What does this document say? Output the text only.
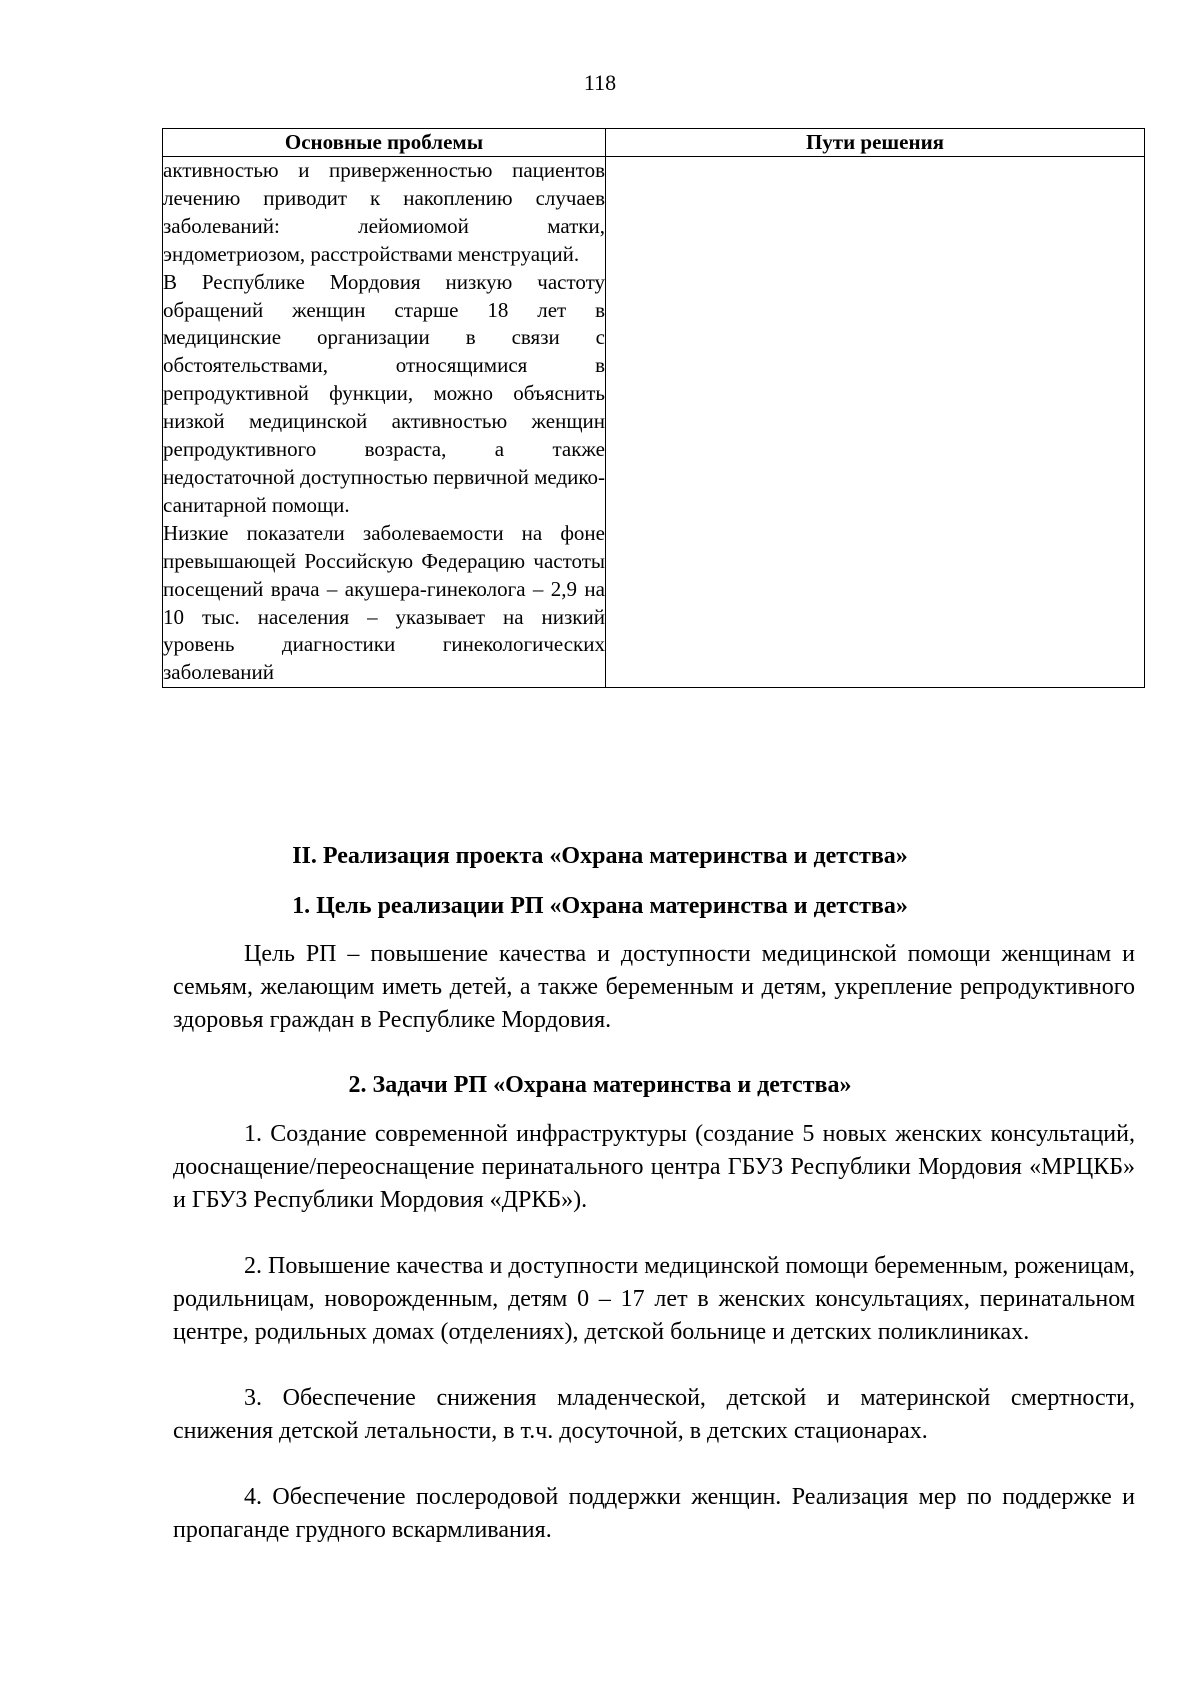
118
Основные проблемы	Пути решения

активностью и приверженностью пациентов лечению приводит к накоплению случаев заболеваний: лейомиомой матки, эндометриозом, расстройствами менструаций.

В Республике Мордовия низкую частоту обращений женщин старше 18 лет в медицинские организации в связи с обстоятельствами, относящимися в репродуктивной функции, можно объяснить низкой медицинской активностью женщин репродуктивного возраста, а также недостаточной доступностью первичной медико-санитарной помощи.

Низкие показатели заболеваемости на фоне превышающей Российскую Федерацию частоты посещений врача – акушера-гинеколога – 2,9 на 10 тыс. населения – указывает на низкий уровень диагностики гинекологических заболеваний	

II. Реализация проекта «Охрана материнства и детства»
1. Цель реализации РП «Охрана материнства и детства»

Цель РП – повышение качества и доступности медицинской помощи женщинам и семьям, желающим иметь детей, а также беременным и детям, укрепление репродуктивного здоровья граждан в Республике Мордовия.

2. Задачи РП «Охрана материнства и детства»

1. Создание современной инфраструктуры (создание 5 новых женских консультаций, дооснащение/переоснащение перинатального центра ГБУЗ Республики Мордовия «МРЦКБ» и ГБУЗ Республики Мордовия «ДРКБ»).

2. Повышение качества и доступности медицинской помощи беременным, роженицам, родильницам, новорожденным, детям 0 – 17 лет в женских консультациях, перинатальном центре, родильных домах (отделениях), детской больнице и детских поликлиниках.

3. Обеспечение снижения младенческой, детской и материнской смертности, снижения детской летальности, в т.ч. досуточной, в детских стационарах.

4. Обеспечение послеродовой поддержки женщин. Реализация мер по поддержке и пропаганде грудного вскармливания.
